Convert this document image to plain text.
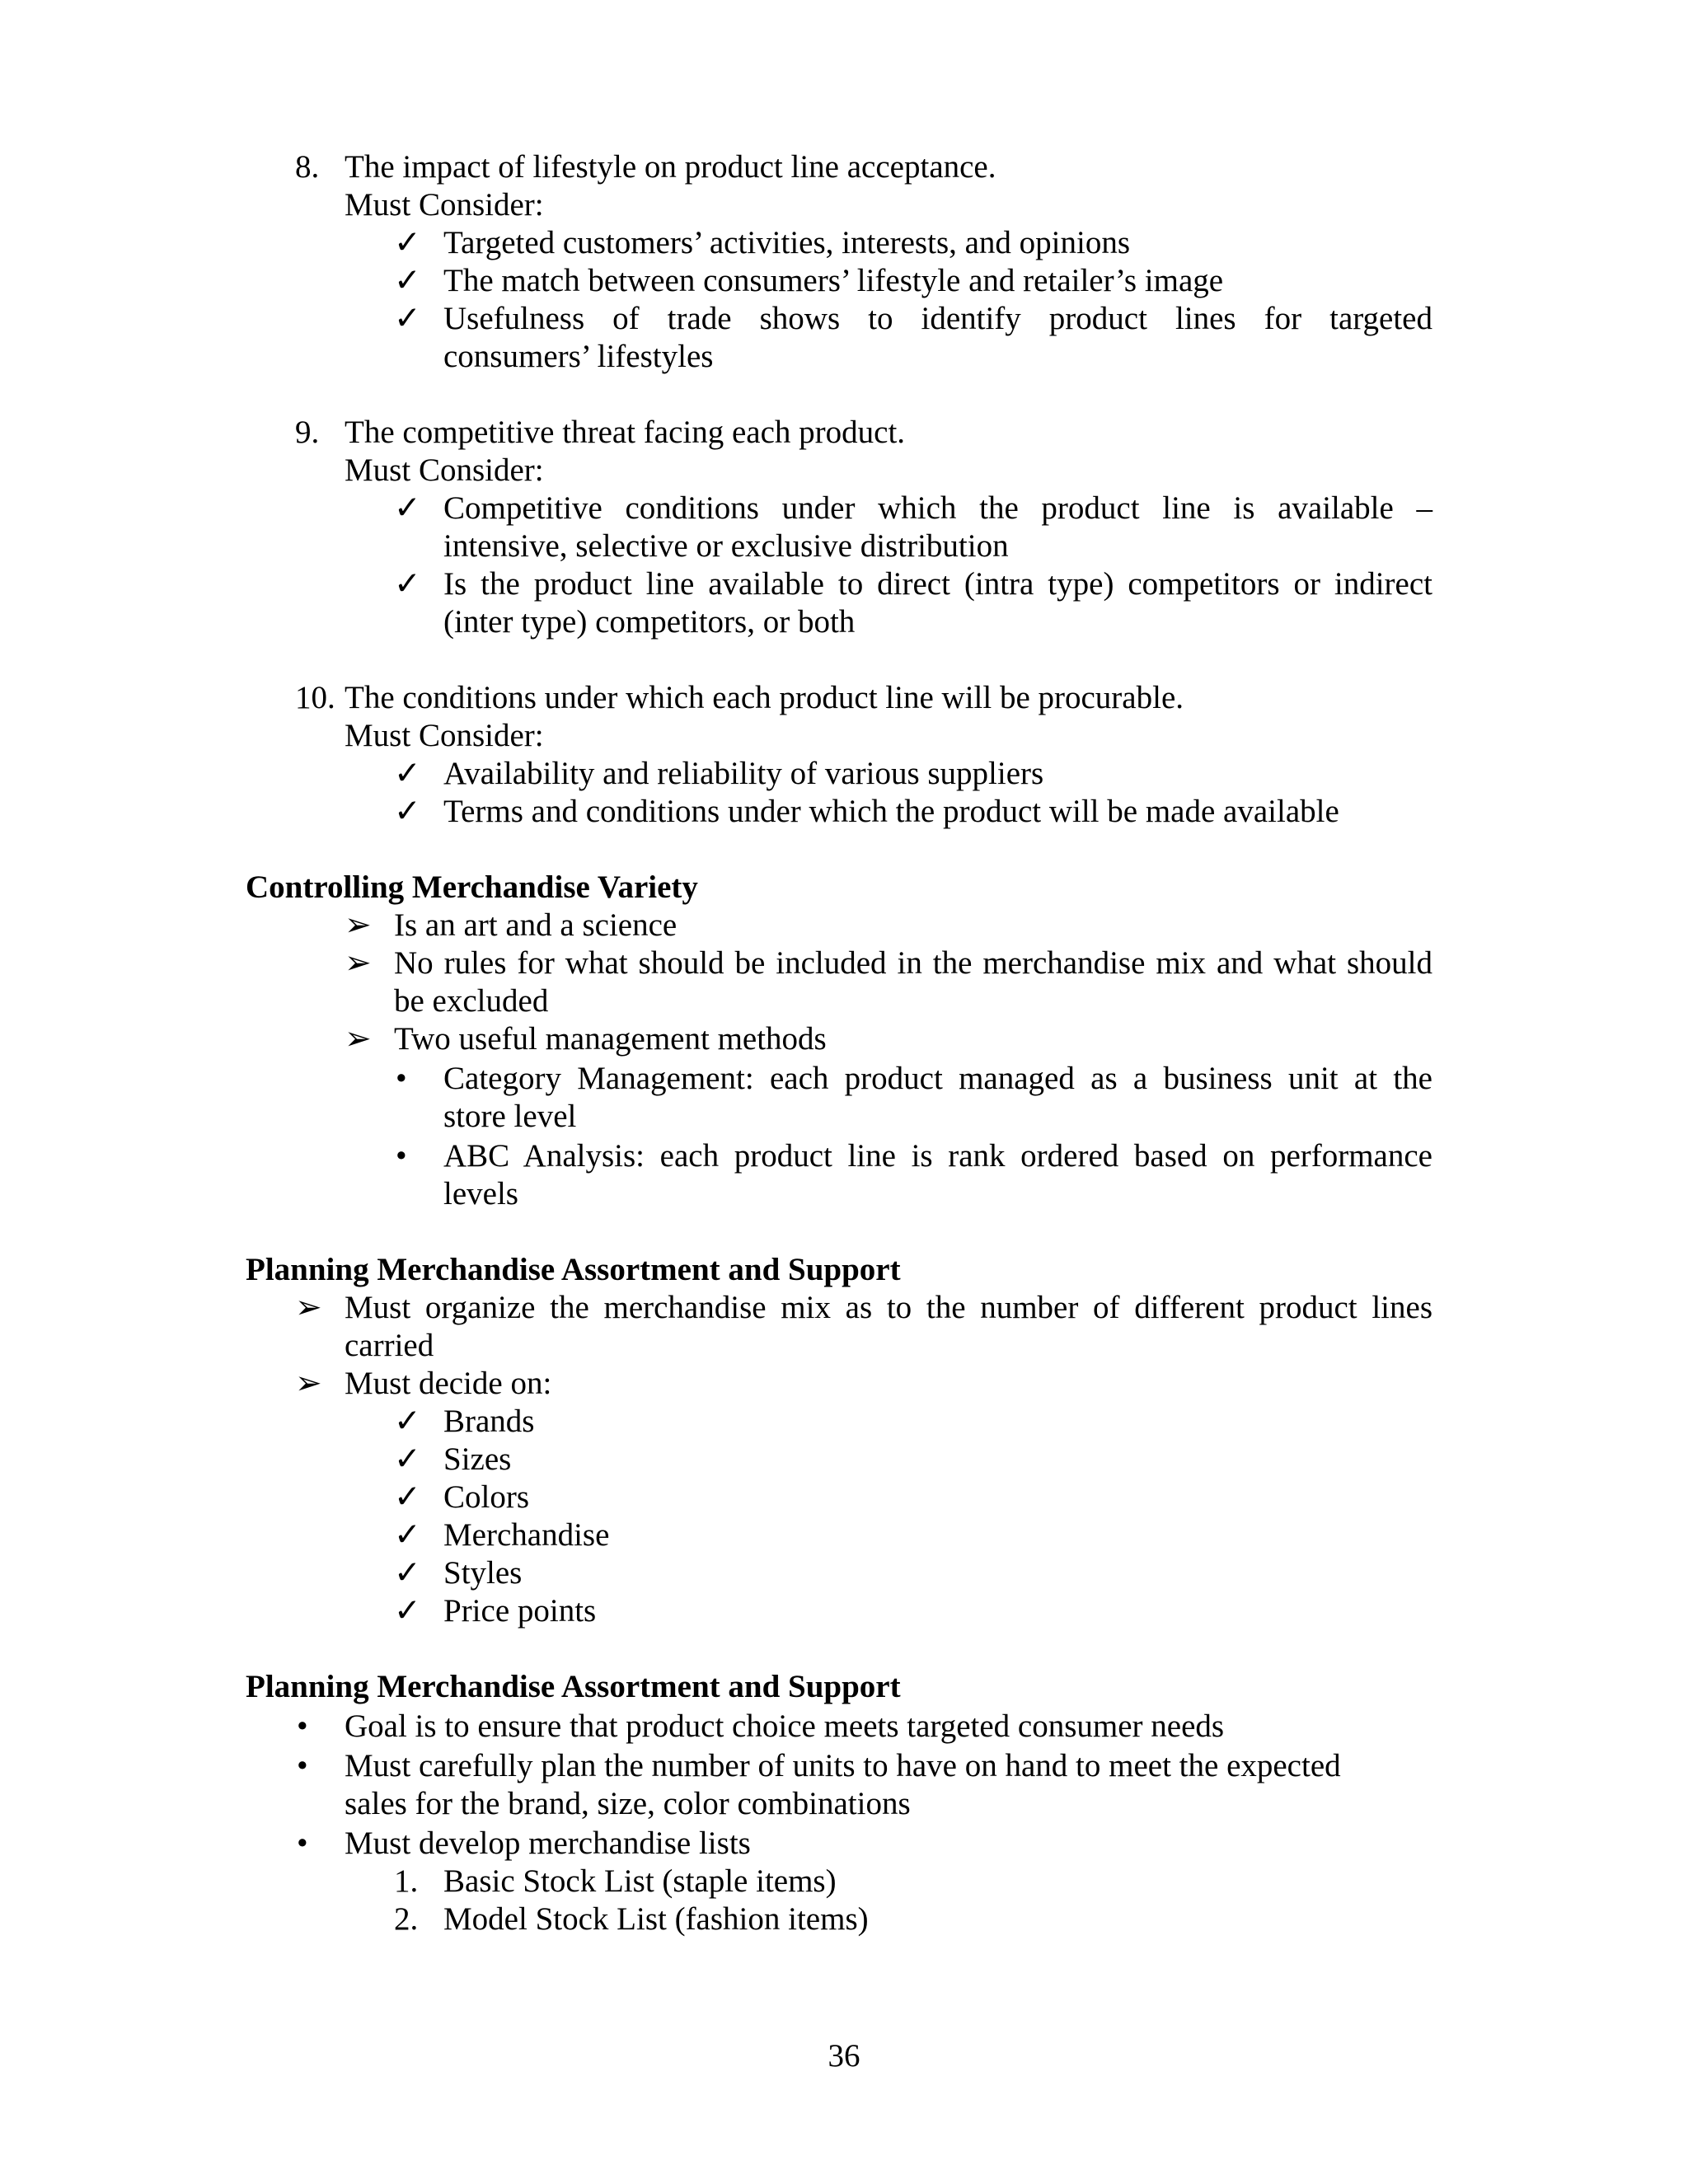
8. The impact of lifestyle on product line acceptance.
Must Consider:
✓ Targeted customers’ activities, interests, and opinions
✓ The match between consumers’ lifestyle and retailer’s image
✓ Usefulness of trade shows to identify product lines for targeted
consumers’ lifestyles
9. The competitive threat facing each product.
Must Consider:
✓ Competitive conditions under which the product line is available –
intensive, selective or exclusive distribution
✓ Is the product line available to direct (intra type) competitors or indirect
(inter type) competitors, or both
10. The conditions under which each product line will be procurable.
Must Consider:
✓ Availability and reliability of various suppliers
✓ Terms and conditions under which the product will be made available
Controlling Merchandise Variety
➢ Is an art and a science
➢ No rules for what should be included in the merchandise mix and what should
be excluded
➢ Two useful management methods
• Category Management: each product managed as a business unit at the
store level
• ABC Analysis: each product line is rank ordered based on performance
levels
Planning Merchandise Assortment and Support
➢ Must organize the merchandise mix as to the number of different product lines
carried
➢ Must decide on:
✓ Brands
✓ Sizes
✓ Colors
✓ Merchandise
✓ Styles
✓ Price points
Planning Merchandise Assortment and Support
• Goal is to ensure that product choice meets targeted consumer needs
• Must carefully plan the number of units to have on hand to meet the expected
sales for the brand, size, color combinations
• Must develop merchandise lists
1. Basic Stock List (staple items)
2. Model Stock List (fashion items)
36
